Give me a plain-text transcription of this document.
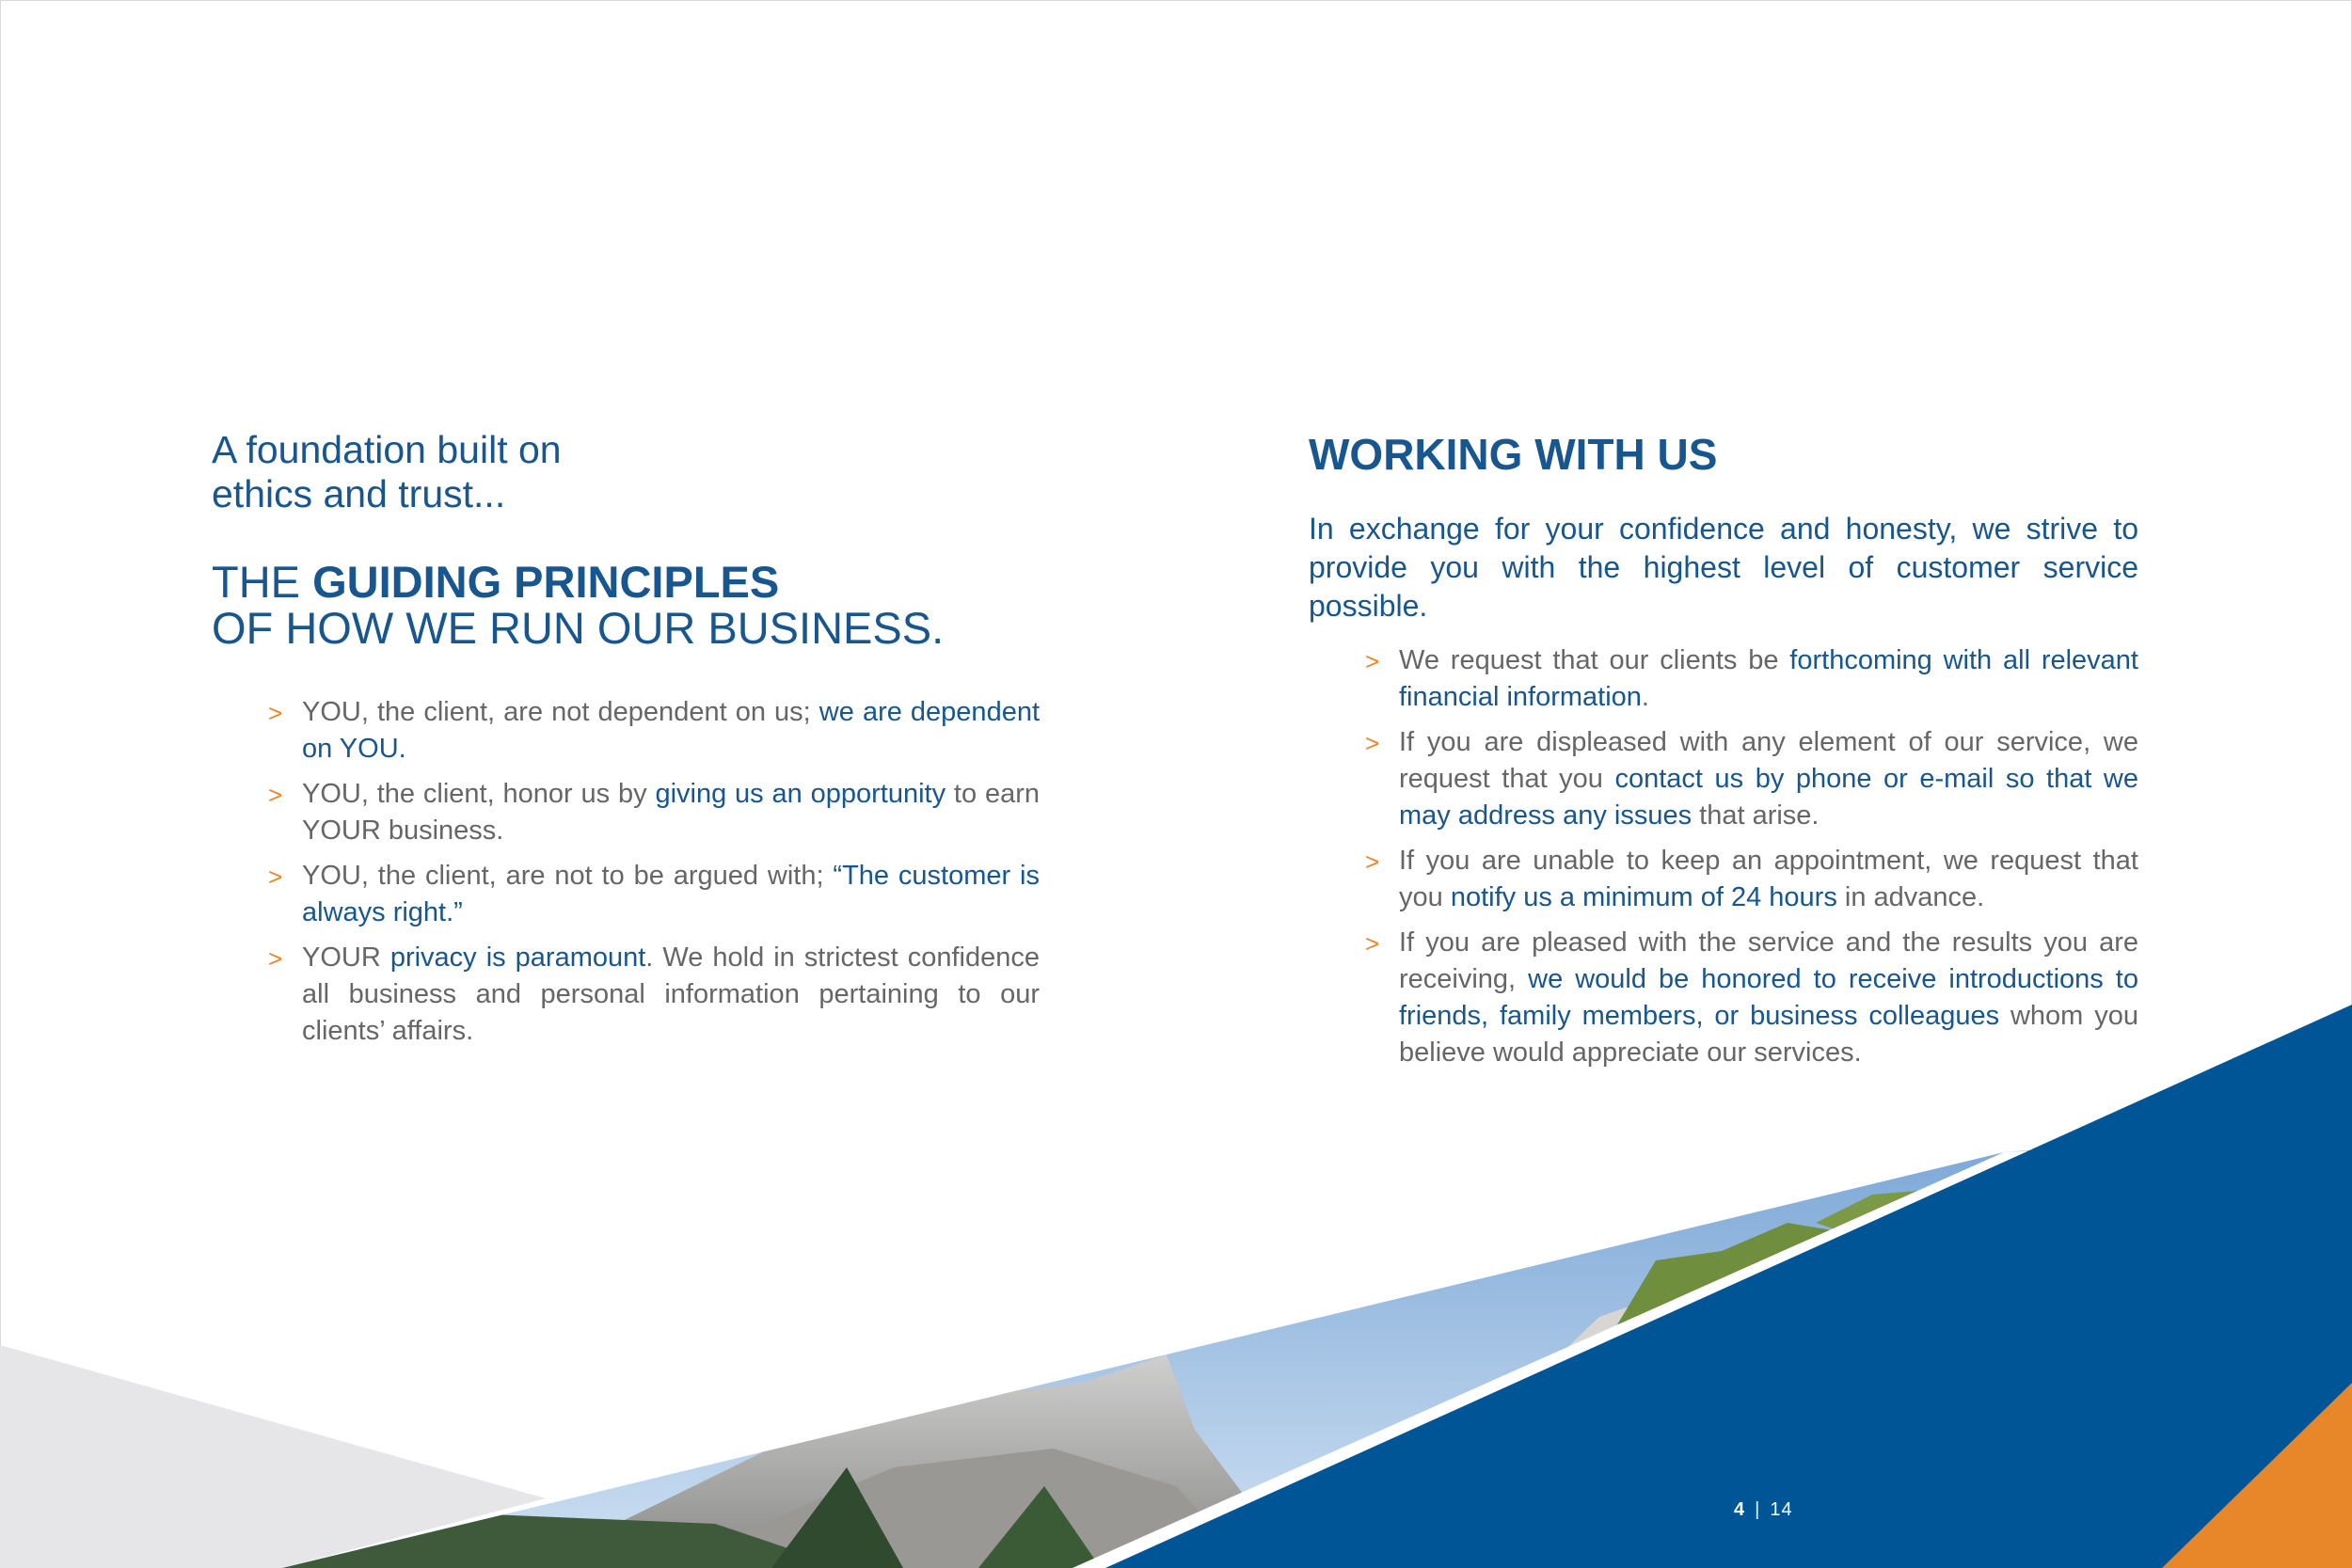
A foundation built on
ethics and trust...

THE GUIDING PRINCIPLES
OF HOW WE RUN OUR BUSINESS.
> YOU, the client, are not dependent on us; we are dependent on YOU.
> YOU, the client, honor us by giving us an opportunity to earn YOUR business.
> YOU, the client, are not to be argued with; “The customer is always right.”
> YOUR privacy is paramount. We hold in strictest confidence all business and personal information pertaining to our clients’ affairs.
WORKING WITH US

In exchange for your confidence and honesty, we strive to provide you with the highest level of customer service possible.

> We request that our clients be forthcoming with all relevant financial information.
> If you are displeased with any element of our service, we request that you contact us by phone or e-mail so that we may address any issues that arise.
> If you are unable to keep an appointment, we request that you notify us a minimum of 24 hours in advance.
> If you are pleased with the service and the results you are receiving, we would be honored to receive introductions to friends, family members, or business colleagues whom you believe would appreciate our services.
4 | 14
